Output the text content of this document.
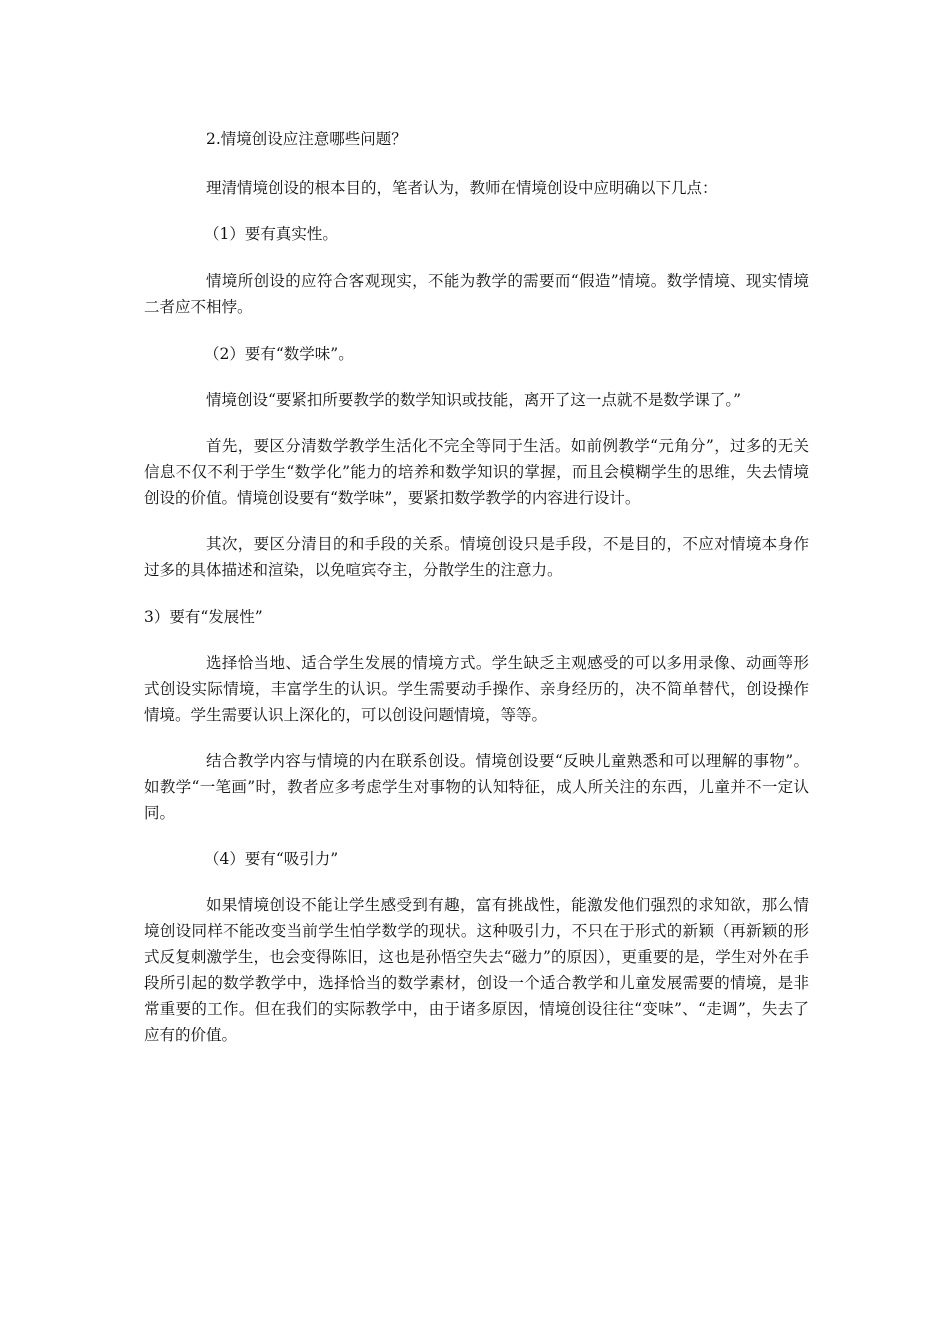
2.情境创设应注意哪些问题？

理清情境创设的根本目的，笔者认为，教师在情境创设中应明确以下几点：

（1）要有真实性。

情境所创设的应符合客观现实，不能为教学的需要而“假造”情境。数学情境、现实情境二者应不相悖。

（2）要有“数学味”。

情境创设“要紧扣所要教学的数学知识或技能，离开了这一点就不是数学课了。”

首先，要区分清数学教学生活化不完全等同于生活。如前例教学“元角分”，过多的无关信息不仅不利于学生“数学化”能力的培养和数学知识的掌握，而且会模糊学生的思维，失去情境创设的价值。情境创设要有“数学味”，要紧扣数学教学的内容进行设计。

其次，要区分清目的和手段的关系。情境创设只是手段，不是目的，不应对情境本身作过多的具体描述和渲染，以免喧宾夺主，分散学生的注意力。

3）要有“发展性”

选择恰当地、适合学生发展的情境方式。学生缺乏主观感受的可以多用录像、动画等形式创设实际情境，丰富学生的认识。学生需要动手操作、亲身经历的，决不简单替代，创设操作情境。学生需要认识上深化的，可以创设问题情境，等等。

结合教学内容与情境的内在联系创设。情境创设要“反映儿童熟悉和可以理解的事物”。如教学“一笔画”时，教者应多考虑学生对事物的认知特征，成人所关注的东西，儿童并不一定认同。

（4）要有“吸引力”

如果情境创设不能让学生感受到有趣，富有挑战性，能激发他们强烈的求知欲，那么情境创设同样不能改变当前学生怕学数学的现状。这种吸引力，不只在于形式的新颖（再新颖的形式反复刺激学生，也会变得陈旧，这也是孙悟空失去“磁力”的原因），更重要的是，学生对外在手段所引起的数学教学中，选择恰当的数学素材，创设一个适合教学和儿童发展需要的情境，是非常重要的工作。但在我们的实际教学中，由于诸多原因，情境创设往往“变味”、“走调”，失去了应有的价值。
